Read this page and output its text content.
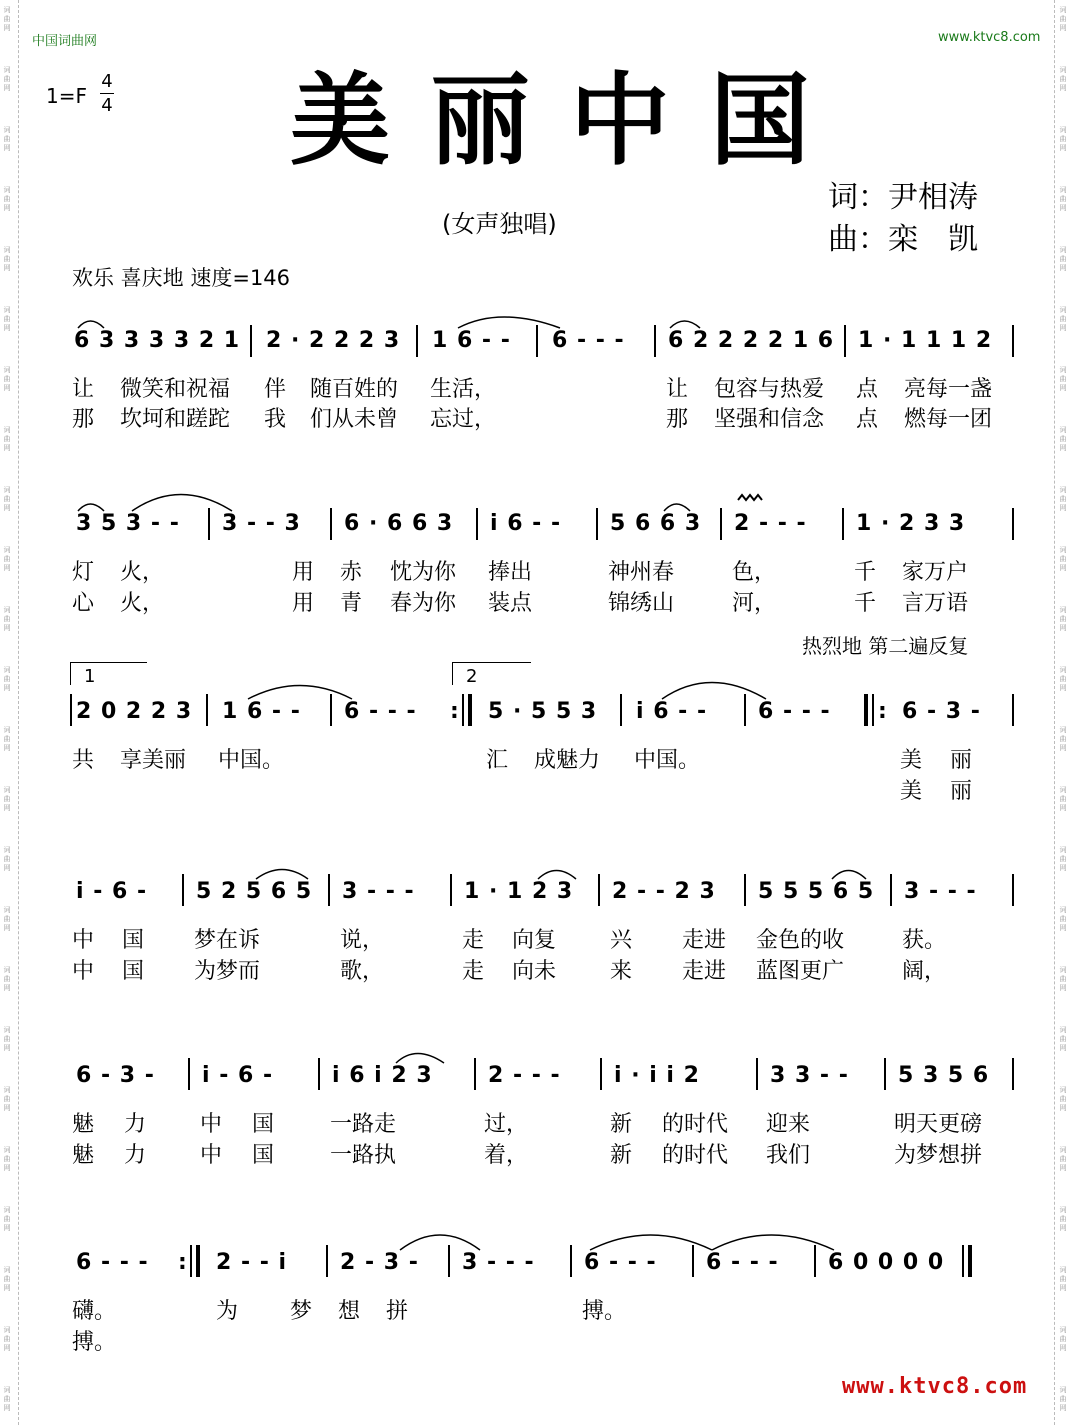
词
曲
网
词
曲
网
词
曲
网
词
曲
网
词
曲
网
词
曲
网
词
曲
网
词
曲
网
词
曲
网
词
曲
网
词
曲
网
词
曲
网
词
曲
网
词
曲
网
词
曲
网
词
曲
网
词
曲
网
词
曲
网
词
曲
网
词
曲
网
词
曲
网
词
曲
网
词
曲
网
词
曲
网
词
曲
网
词
曲
网
词
曲
网
词
曲
网
词
曲
网
词
曲
网
词
曲
网
词
曲
网
词
曲
网
词
曲
网
词
曲
网
词
曲
网
词
曲
网
词
曲
网
词
曲
网
词
曲
网
词
曲
网
词
曲
网
词
曲
网
词
曲
网
词
曲
网
词
曲
网
词
曲
网
词
曲
网
中国词曲网	www.ktvc8.com
1=F
4
4 美丽中国
(女声独唱)
词：尹相涛
曲：栾　凯
欢乐 喜庆地 速度=146
6 3 3 3 3 2 1 2 · 2 2 2 3 1 6 - - 6 - - - 6 2 2 2 2 1 6 1 · 1 1 1 2
让 微笑和祝福 伴 随百姓的 生活，	让 包容与热爱 点 亮每一盏
那 坎坷和蹉跎 我 们从未曾 忘过，	那 坚强和信念 点 燃每一团
3 5 3 - - 3 - - 3 6 · 6 6 3 i 6 - - 5 6 6 3 2 - - - 1 · 2 3 3
灯 火，	用 赤 忱为你 捧出	神州春	色，	千 家万户
心 火，	用 青 春为你 装点	锦绣山	河，	千 言万语
热烈地 第二遍反复
1	2
2 0 2 2 3 1 6 - - 6 - - - : 5 · 5 5 3 i 6 - - 6 - - - : 6 - 3 -
共 享美丽 中国。	汇 成魅力 中国。	美 丽
美 丽
i - 6 - 5 2 5 6 5 3 - - - 1 · 1 2 3 2 - - 2 3 5 5 5 6 5 3 - - -
中 国 梦在诉	说，	走 向复 兴 走进 金色的收	获。
中 国 为梦而	歌，	走 向未 来 走进 蓝图更广	阔，
6 - 3 - i - 6 -	i 6 i 2 3	2 - - - i · i i 2	3 3 - - 5 3 5 6
魅 力 中 国	一路走	过，	新 的时代 迎来	明天更磅
魅 力 中 国	一路执	着，	新 的时代 我们	为梦想拼
6 - - - : 2 - - i 2 - 3 - 3 - - - 6 - - - 6 - - - 6 0 0 0 0
礴。	为 梦 想 拼	搏。
搏。
www.ktvc8.com
